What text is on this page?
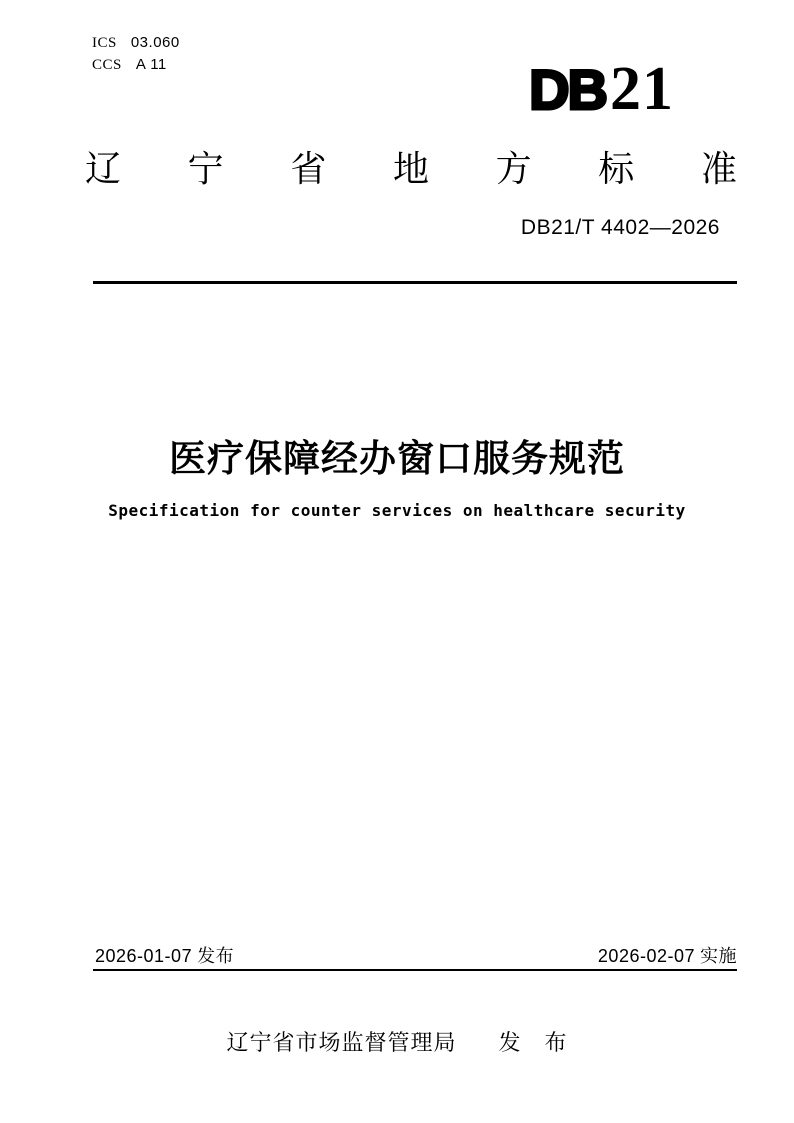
ICS 03.060
CCS A 11	DB 21
辽 宁 省 地 方 标 准
DB21/T 4402—2026
医疗保障经办窗口服务规范
Specification for counter services on healthcare security
2026-01-07 发布	2026-02-07 实施
辽宁省市场监督管理局 发　布
